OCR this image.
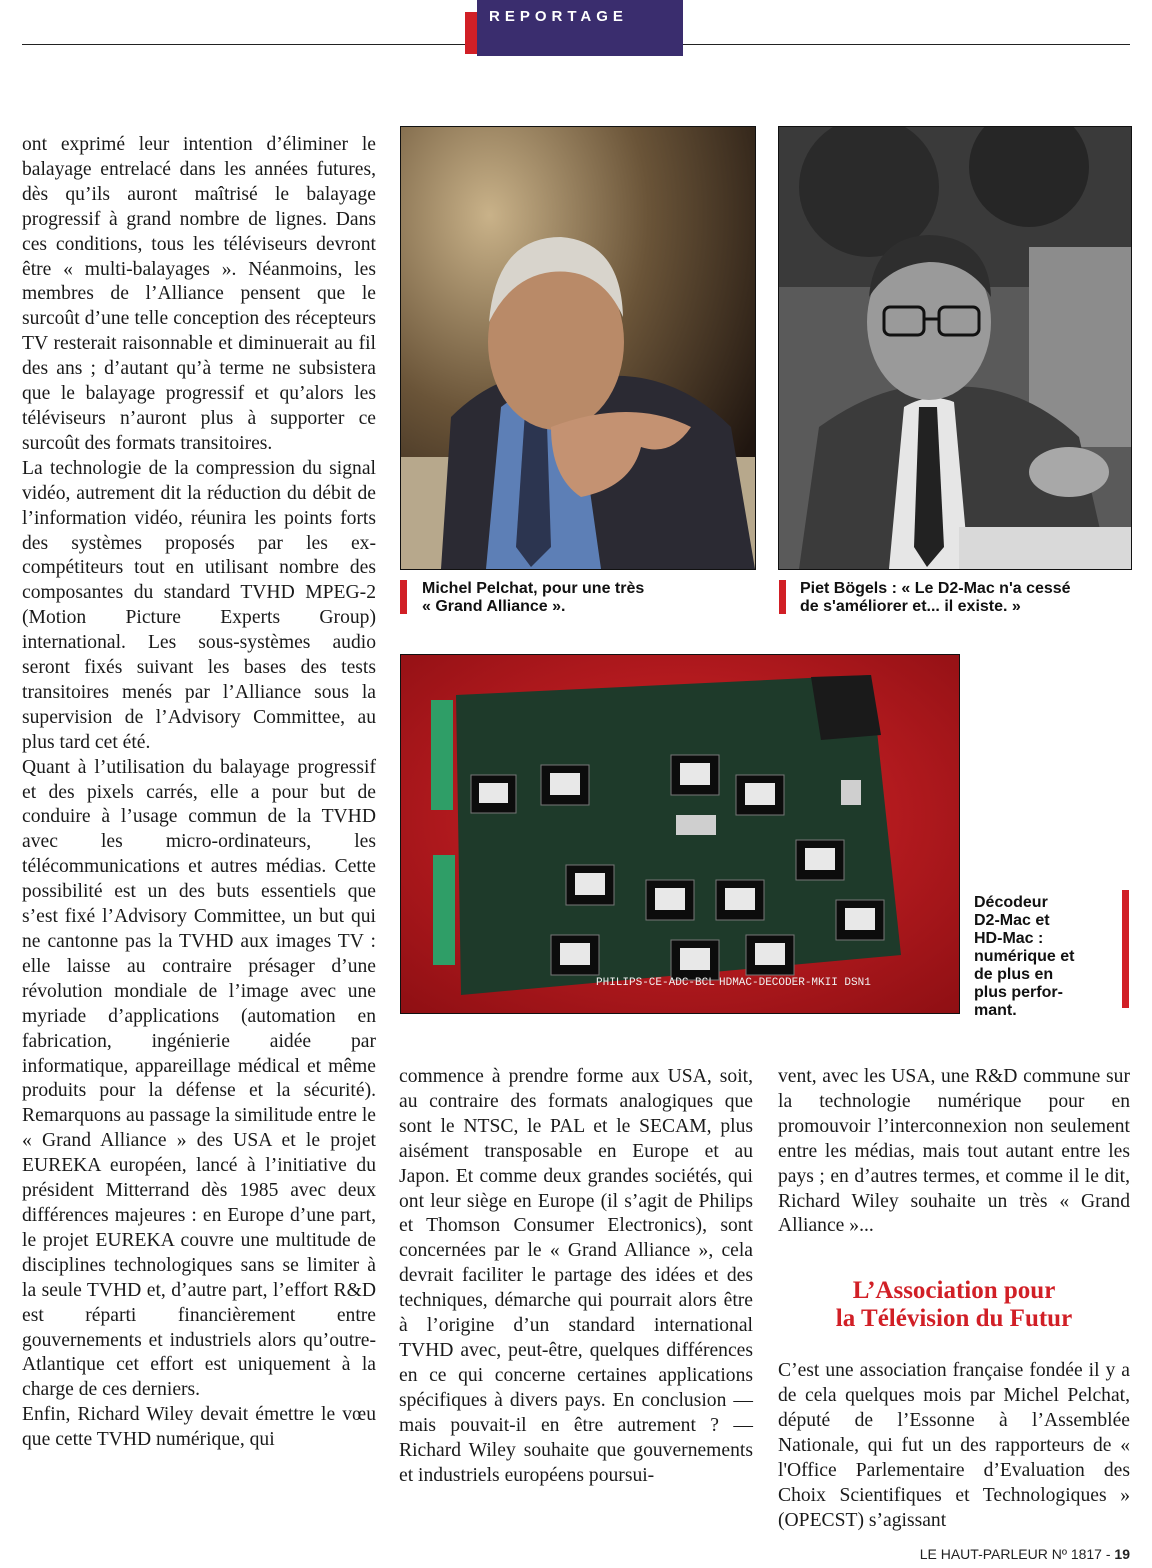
REPORTAGE

ont exprimé leur intention d’éliminer le balayage entrelacé dans les années futures, dès qu’ils auront maîtrisé le balayage progressif à grand nombre de lignes. Dans ces conditions, tous les téléviseurs devront être « multi-balayages ». Néanmoins, les membres de l’Alliance pensent que le surcoût d’une telle conception des récepteurs TV resterait raisonnable et diminuerait au fil des ans ; d’autant qu’à terme ne subsistera que le balayage progressif et qu’alors les téléviseurs n’auront plus à supporter ce surcoût des formats transitoires.

La technologie de la compression du signal vidéo, autrement dit la réduction du débit de l’information vidéo, réunira les points forts des systèmes proposés par les ex-compétiteurs tout en utilisant nombre des composantes du standard TVHD MPEG-2 (Motion Picture Experts Group) international. Les sous-systèmes audio seront fixés suivant les bases des tests transitoires menés par l’Alliance sous la supervision de l’Advisory Committee, au plus tard cet été.

Quant à l’utilisation du balayage progressif et des pixels carrés, elle a pour but de conduire à l’usage commun de la TVHD avec les micro-ordinateurs, les télécommunications et autres médias. Cette possibilité est un des buts essentiels que s’est fixé l’Advisory Committee, un but qui ne cantonne pas la TVHD aux images TV : elle laisse au contraire présager d’une révolution mondiale de l’image avec une myriade d’applications (automation en fabrication, ingénierie aidée par informatique, appareillage médical et même produits pour la défense et la sécurité). Remarquons au passage la similitude entre le « Grand Alliance » des USA et le projet EUREKA européen, lancé à l’initiative du président Mitterrand dès 1985 avec deux différences majeures : en Europe d’une part, le projet EUREKA couvre une multitude de disciplines technologiques sans se limiter à la seule TVHD et, d’autre part, l’effort R&D est réparti financièrement entre gouvernements et industriels alors qu’outre-Atlantique cet effort est uniquement à la charge de ces derniers.

Enfin, Richard Wiley devait émettre le vœu que cette TVHD numérique, qui

Michel Pelchat, pour une très
« Grand Alliance ».
Piet Bögels : « Le D2-Mac n'a cessé
de s'améliorer et... il existe. »
PHILIPS-CE-ADC-BCL HDMAC-DECODER-MKII DSN1
Décodeur
D2-Mac et
HD-Mac :
numérique et
de plus en
plus perfor-
mant.

commence à prendre forme aux USA, soit, au contraire des formats analogiques que sont le NTSC, le PAL et le SECAM, plus aisément transposable en Europe et au Japon. Et comme deux grandes sociétés, qui ont leur siège en Europe (il s’agit de Philips et Thomson Consumer Electronics), sont concernées par le « Grand Alliance », cela devrait faciliter le partage des idées et des techniques, démarche qui pourrait alors être à l’origine d’un standard international TVHD avec, peut-être, quelques différences en ce qui concerne certaines applications spécifiques à divers pays. En conclusion — mais pouvait-il en être autrement ? — Richard Wiley souhaite que gouvernements et industriels européens poursui-

vent, avec les USA, une R&D commune sur la technologie numérique pour en promouvoir l’interconnexion non seulement entre les médias, mais tout autant entre les pays ; en d’autres termes, et comme il le dit, Richard Wiley souhaite un très « Grand Alliance »...

L’Association pour
la Télévision du Futur

C’est une association française fondée il y a de cela quelques mois par Michel Pelchat, député de l’Essonne à l’Assemblée Nationale, qui fut un des rapporteurs de « l'Office Parlementaire d’Evaluation des Choix Scientifiques et Technologiques » (OPECST) s’agissant

LE HAUT-PARLEUR Nº 1817 - 19
